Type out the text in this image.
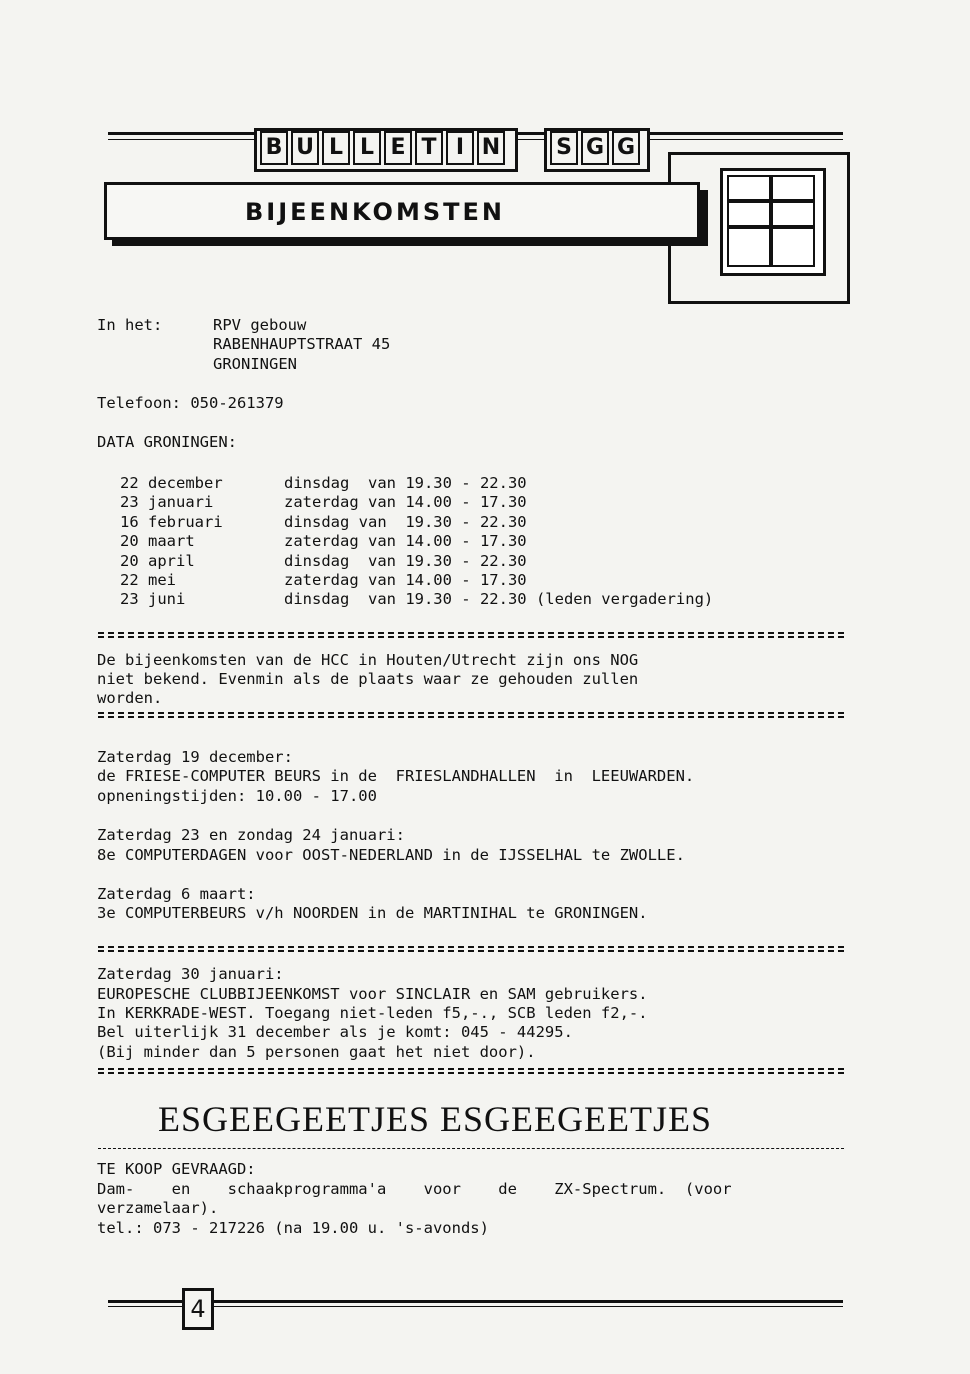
B U L L E T I N	S G G
BIJEENKOMSTEN
In het:	RPV gebouw
RABENHAUPTSTRAAT 45
GRONINGEN
Telefoon: 050-261379
DATA GRONINGEN:
22 december	dinsdag  van 19.30 - 22.30
23 januari	zaterdag van 14.00 - 17.30
16 februari	dinsdag van  19.30 - 22.30
20 maart	zaterdag van 14.00 - 17.30
20 april	dinsdag  van 19.30 - 22.30
22 mei	zaterdag van 14.00 - 17.30
23 juni	dinsdag  van 19.30 - 22.30 (leden vergadering)
De bijeenkomsten van de HCC in Houten/Utrecht zijn ons NOG
niet bekend. Evenmin als de plaats waar ze gehouden zullen
worden.
Zaterdag 19 december:
de FRIESE-COMPUTER BEURS in de  FRIESLANDHALLEN  in  LEEUWARDEN.
opneningstijden: 10.00 - 17.00
Zaterdag 23 en zondag 24 januari:
8e COMPUTERDAGEN voor OOST-NEDERLAND in de IJSSELHAL te ZWOLLE.
Zaterdag 6 maart:
3e COMPUTERBEURS v/h NOORDEN in de MARTINIHAL te GRONINGEN.
Zaterdag 30 januari:
EUROPESCHE CLUBBIJEENKOMST voor SINCLAIR en SAM gebruikers.
In KERKRADE-WEST. Toegang niet-leden f5,-., SCB leden f2,-.
Bel uiterlijk 31 december als je komt: 045 - 44295.
(Bij minder dan 5 personen gaat het niet door).
ESGEEGEETJES ESGEEGEETJES
TE KOOP GEVRAAGD:
Dam-    en    schaakprogramma'a    voor    de    ZX-Spectrum.  (voor
verzamelaar).
tel.: 073 - 217226 (na 19.00 u. 's-avonds)
4
